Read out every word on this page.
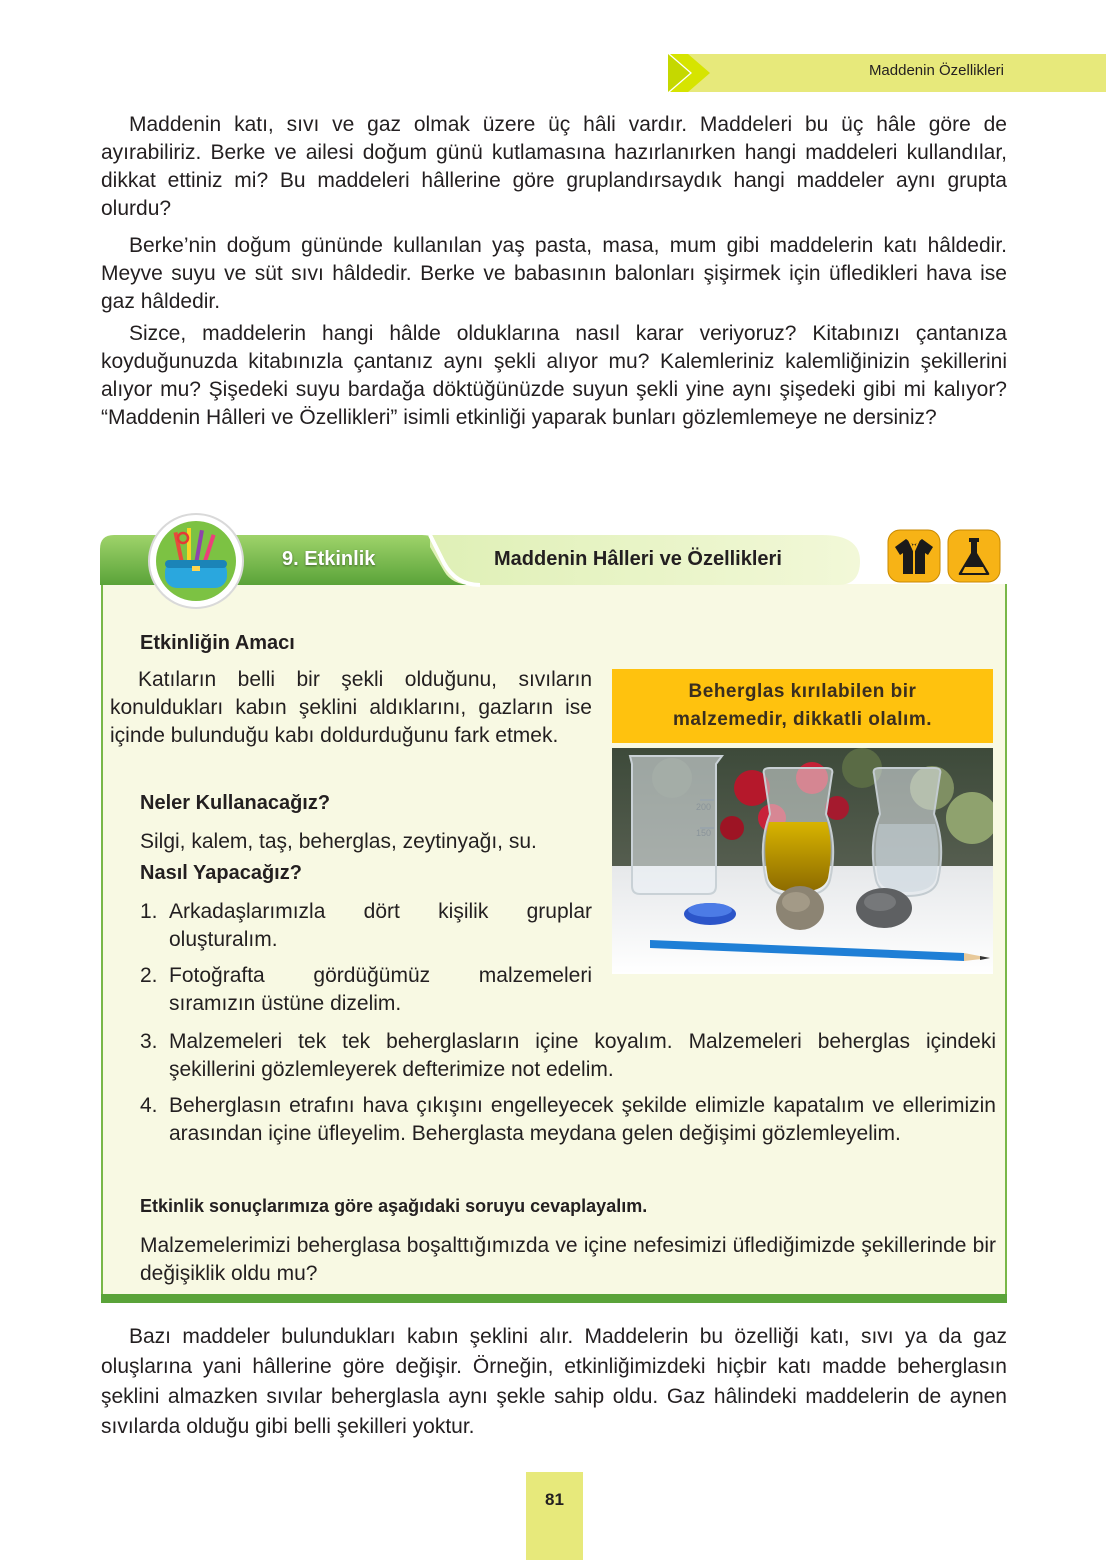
Maddenin Özellikleri

Maddenin katı, sıvı ve gaz olmak üzere üç hâli vardır. Maddeleri bu üç hâle göre de ayırabiliriz. Berke ve ailesi doğum günü kutlamasına hazırlanırken hangi maddeleri kullandılar, dikkat ettiniz mi? Bu maddeleri hâllerine göre gruplandırsaydık hangi maddeler aynı grupta olurdu?

Berke’nin doğum gününde kullanılan yaş pasta, masa, mum gibi maddelerin katı hâldedir. Meyve suyu ve süt sıvı hâldedir. Berke ve babasının balonları şişirmek için üfledikleri hava ise gaz hâldedir.

Sizce, maddelerin hangi hâlde olduklarına nasıl karar veriyoruz? Kitabınızı çantanıza koyduğunuzda kitabınızla çantanız aynı şekli alıyor mu? Kalemleriniz kalemliğinizin şekillerini alıyor mu? Şişedeki suyu bardağa döktüğünüzde suyun şekli yine aynı şişedeki gibi mi kalıyor? “Maddenin Hâlleri ve Özellikleri” isimli etkinliği yaparak bunları gözlemlemeye ne dersiniz?

9. Etkinlik	Maddenin Hâlleri ve Özellikleri

Etkinliğin Amacı

Katıların belli bir şekli olduğunu, sıvıların konuldukları kabın şeklini aldıklarını, gazların ise içinde bulunduğu kabı doldurduğunu fark etmek.

Neler Kullanacağız?

Silgi, kalem, taş, beherglas, zeytinyağı, su.

Nasıl Yapacağız?

1. Arkadaşlarımızla dört kişilik gruplar oluşturalım.
2. Fotoğrafta gördüğümüz malzemeleri sıramızın üstüne dizelim.
3. Malzemeleri tek tek beherglasların içine koyalım. Malzemeleri beherglas içindeki şekillerini gözlemleyerek defterimize not edelim.
4. Beherglasın etrafını hava çıkışını engelleyecek şekilde elimizle kapatalım ve ellerimizin arasından içine üfleyelim. Beherglasta meydana gelen değişimi gözlemleyelim.

Etkinlik sonuçlarımıza göre aşağıdaki soruyu cevaplayalım.

Malzemelerimizi beherglasa boşalttığımızda ve içine nefesimizi üflediğimizde şekillerinde bir değişiklik oldu mu?

Beherglas kırılabilen bir
malzemedir, dikkatli olalım.
200
150

Bazı maddeler bulundukları kabın şeklini alır. Maddelerin bu özelliği katı, sıvı ya da gaz oluşlarına yani hâllerine göre değişir. Örneğin, etkinliğimizdeki hiçbir katı madde beherglasın şeklini almazken sıvılar beherglasla aynı şekle sahip oldu. Gaz hâlindeki maddelerin de aynen sıvılarda olduğu gibi belli şekilleri yoktur.

81
